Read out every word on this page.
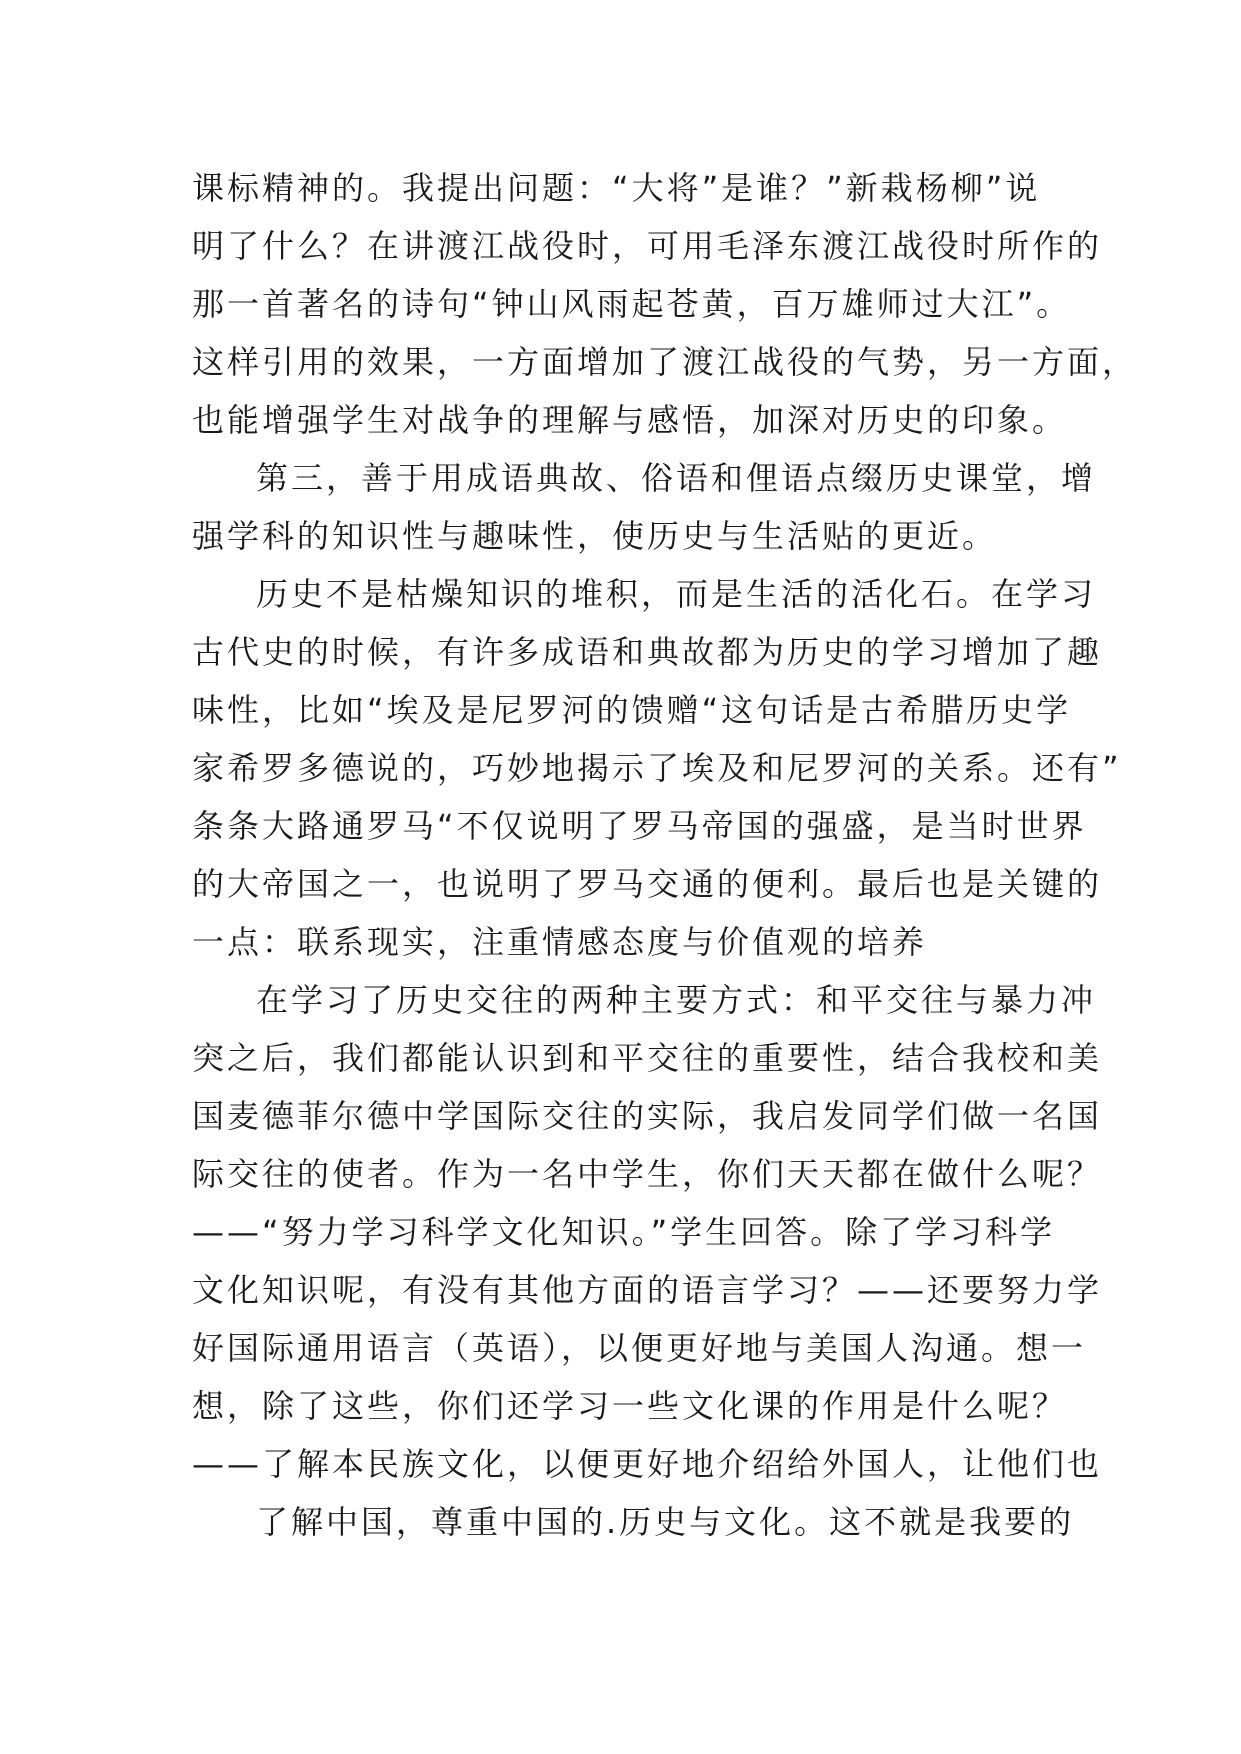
课标精神的。我提出问题：“大将”是谁？”新栽杨柳”说
明了什么？在讲渡江战役时，可用毛泽东渡江战役时所作的
那一首著名的诗句“钟山风雨起苍黄，百万雄师过大江”。
这样引用的效果，一方面增加了渡江战役的气势，另一方面，
也能增强学生对战争的理解与感悟，加深对历史的印象。
第三，善于用成语典故、俗语和俚语点缀历史课堂，增
强学科的知识性与趣味性，使历史与生活贴的更近。
历史不是枯燥知识的堆积，而是生活的活化石。在学习
古代史的时候，有许多成语和典故都为历史的学习增加了趣
味性，比如“埃及是尼罗河的馈赠“这句话是古希腊历史学
家希罗多德说的，巧妙地揭示了埃及和尼罗河的关系。还有”
条条大路通罗马“不仅说明了罗马帝国的强盛，是当时世界
的大帝国之一，也说明了罗马交通的便利。最后也是关键的
一点：联系现实，注重情感态度与价值观的培养
在学习了历史交往的两种主要方式：和平交往与暴力冲
突之后，我们都能认识到和平交往的重要性，结合我校和美
国麦德菲尔德中学国际交往的实际，我启发同学们做一名国
际交往的使者。作为一名中学生，你们天天都在做什么呢？
——“努力学习科学文化知识。”学生回答。除了学习科学
文化知识呢，有没有其他方面的语言学习？——还要努力学
好国际通用语言（英语），以便更好地与美国人沟通。想一
想，除了这些，你们还学习一些文化课的作用是什么呢？
——了解本民族文化，以便更好地介绍给外国人，让他们也
了解中国，尊重中国的.历史与文化。这不就是我要的
